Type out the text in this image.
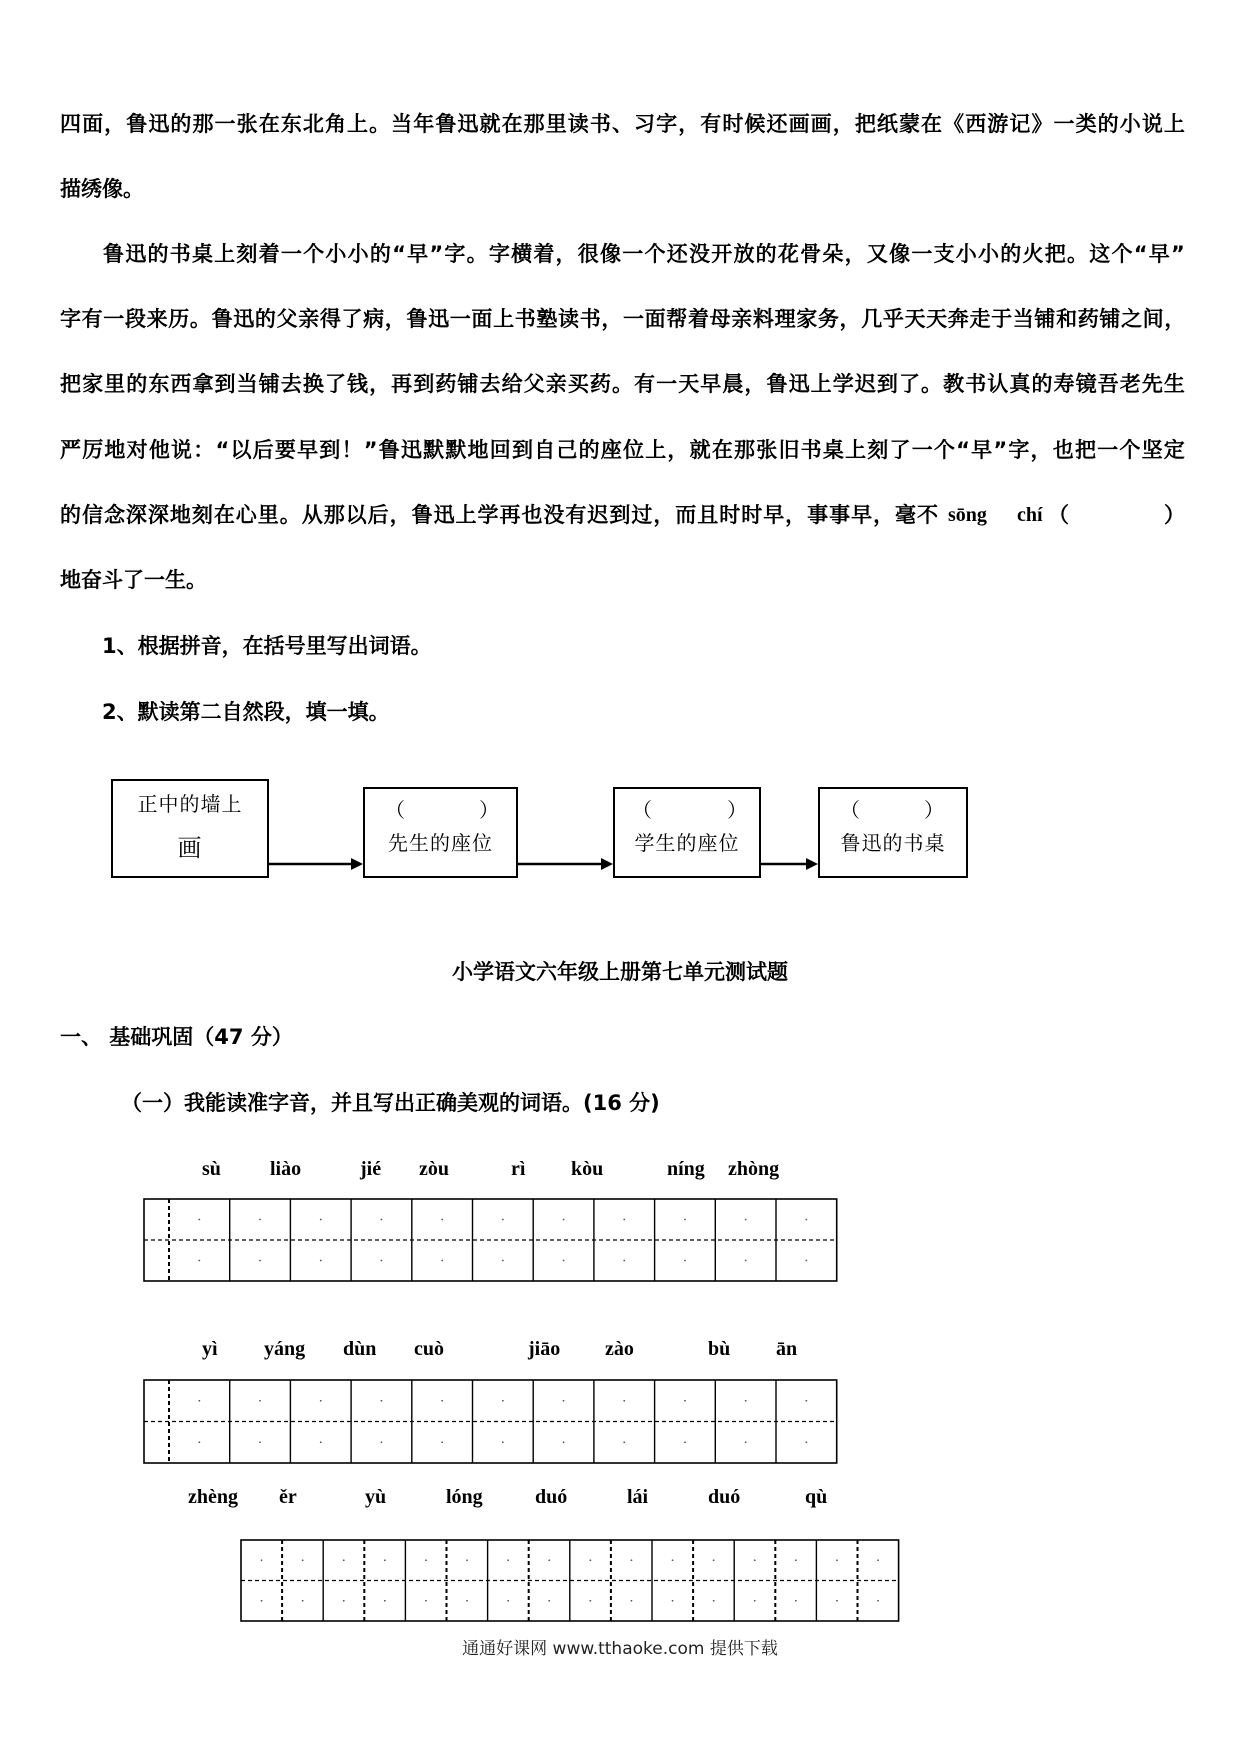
四面，鲁迅的那一张在东北角上。当年鲁迅就在那里读书、习字，有时候还画画，把纸蒙在《西游记》一类的小说上
描绣像。
鲁迅的书桌上刻着一个小小的“早”字。字横着，很像一个还没开放的花骨朵，又像一支小小的火把。这个“早”
字有一段来历。鲁迅的父亲得了病，鲁迅一面上书塾读书，一面帮着母亲料理家务，几乎天天奔走于当铺和药铺之间，
把家里的东西拿到当铺去换了钱，再到药铺去给父亲买药。有一天早晨，鲁迅上学迟到了。教书认真的寿镜吾老先生
严厉地对他说：“以后要早到！”鲁迅默默地回到自己的座位上，就在那张旧书桌上刻了一个“早”字，也把一个坚定
的信念深深地刻在心里。从那以后，鲁迅上学再也没有迟到过，而且时时早，事事早，毫不 sōng chí （	）
地奋斗了一生。
1、根据拼音，在括号里写出词语。
2、默读第二自然段，填一填。
正中的墙上
画
（	）
先生的座位
（	）
学生的座位
（	）
鲁迅的书桌
小学语文六年级上册第七单元测试题
一、 基础巩固（47 分）
（一）我能读准字音，并且写出正确美观的词语。(16 分)
sù liào	jié zòu	rì kòu	níng zhòng
yì yáng dùn cuò	jiāo zào	bù ān
zhèng ěr	yù	lóng	duó	lái	duó	qù
通通好课网 www.tthaoke.com 提供下载
